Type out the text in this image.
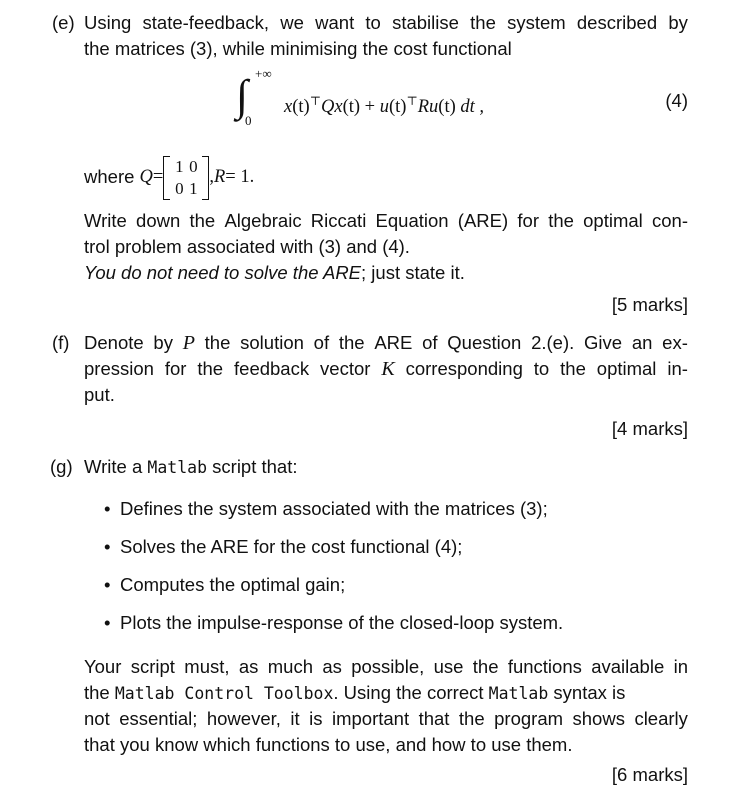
(e) Using state-feedback, we want to stabilise the system described by
the matrices (3), while minimising the cost functional
∫ +∞
0
x(t)⊤Qx(t) + u(t)⊤Ru(t) dt ,	(4)
where
Q =
1 0
0 1
, R = 1.
Write down the Algebraic Riccati Equation (ARE) for the optimal con-
trol problem associated with (3) and (4).
You do not need to solve the ARE; just state it.
[5 marks]
(f) Denote by P the solution of the ARE of Question 2.(e). Give an ex-
pression for the feedback vector K corresponding to the optimal in-
put.
[4 marks]
(g) Write a Matlab script that:
• Defines the system associated with the matrices (3);
• Solves the ARE for the cost functional (4);
• Computes the optimal gain;
• Plots the impulse-response of the closed-loop system.
Your script must, as much as possible, use the functions available in
the Matlab Control Toolbox. Using the correct Matlab syntax is
not essential; however, it is important that the program shows clearly
that you know which functions to use, and how to use them.
[6 marks]
